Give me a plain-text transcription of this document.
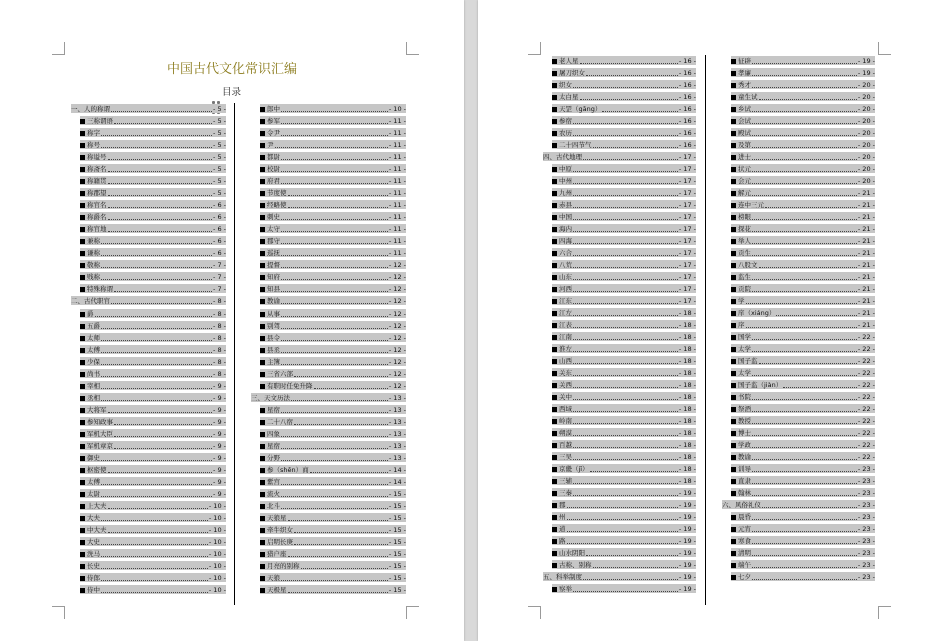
中国古代文化常识汇编
目录
一、人的称谓	- 5 -
三称谓语	- 5 -
称字	- 5 -
称号	- 5 -
称谥号	- 5 -
称斋名	- 5 -
称籍贯	- 5 -
称郡望	- 5 -
称官名	- 6 -
称爵名	- 6 -
称官地	- 6 -
兼称	- 6 -
谦称	- 6 -
敬称	- 7 -
贱称	- 7 -
特殊称谓	- 7 -
二、古代职官	- 8 -
爵	- 8 -
五爵	- 8 -
太师	- 8 -
太傅	- 8 -
少保	- 8 -
尚书	- 8 -
宰相	- 9 -
丞相	- 9 -
大将军	- 9 -
参知政事	- 9 -
军机大臣	- 9 -
军机章京	- 9 -
御史	- 9 -
枢密使	- 9 -
太傅	- 9 -
太尉	- 9 -
上大夫	- 10 -
大夫	- 10 -
中大夫	- 10 -
大史	- 10 -
洗马	- 10 -
长史	- 10 -
侍郎	- 10 -
侍中	- 10 -
郎中	- 10 -
参军	- 11 -
令尹	- 11 -
尹	- 11 -
都尉	- 11 -
校尉	- 11 -
府君	- 11 -
节度使	- 11 -
经略使	- 11 -
刺史	- 11 -
太守	- 11 -
郡守	- 11 -
巡抚	- 11 -
提督	- 12 -
知府	- 12 -
知县	- 12 -
教谕	- 12 -
从事	- 12 -
别驾	- 12 -
县令	- 12 -
县丞	- 12 -
主簿	- 12 -
三省六部	- 12 -
有职时任免升降	- 12 -
三、天文历法	- 13 -
星宿	- 13 -
二十八宿	- 13 -
四象	- 13 -
星宿	- 13 -
分野	- 13 -
参（shēn）商	- 14 -
紫宫	- 14 -
流火	- 15 -
北斗	- 15 -
天狼星	- 15 -
牵牛织女	- 15 -
启明长庚	- 15 -
猎户座	- 15 -
月亮的别称	- 15 -
天狼	- 15 -
天极星	- 15 -
老人星	- 16 -
屠刀织女	- 16 -
织女	- 16 -
太白星	- 16 -
天罡（gāng）	- 16 -
参宿	- 16 -
农历	- 16 -
二十四节气	- 16 -
四、古代地理	- 17 -
中原	- 17 -
中州	- 17 -
九州	- 17 -
赤县	- 17 -
中国	- 17 -
海内	- 17 -
四海	- 17 -
六合	- 17 -
八荒	- 17 -
山东	- 17 -
河西	- 17 -
江东	- 17 -
江左	- 18 -
江表	- 18 -
江南	- 18 -
淮左	- 18 -
山西	- 18 -
关东	- 18 -
关西	- 18 -
关中	- 18 -
西域	- 18 -
岭南	- 18 -
朔漠	- 18 -
百越	- 18 -
三吴	- 18 -
京畿（jī）	- 18 -
三辅	- 18 -
三秦	- 19 -
郡	- 19 -
州	- 19 -
道	- 19 -
路	- 19 -
山水阴阳	- 19 -
古称、别称	- 19 -
五、科举制度	- 19 -
察举	- 19 -
征辟	- 19 -
孝廉	- 19 -
秀才	- 20 -
童生试	- 20 -
乡试	- 20 -
会试	- 20 -
殿试	- 20 -
及第	- 20 -
进士	- 20 -
状元	- 20 -
会元	- 20 -
解元	- 21 -
连中三元	- 21 -
榜眼	- 21 -
探花	- 21 -
举人	- 21 -
贡生	- 21 -
八股文	- 21 -
监生	- 21 -
贡院	- 21 -
学	- 21 -
庠（xiáng）	- 21 -
序	- 21 -
国学	- 22 -
太学	- 22 -
国子监	- 22 -
太学	- 22 -
国子监（jiàn）	- 22 -
书院	- 22 -
祭酒	- 22 -
教授	- 22 -
博士	- 22 -
学政	- 22 -
教谕	- 22 -
训导	- 23 -
直隶	- 23 -
翰林	- 23 -
六、风俗礼仪	- 23 -
晨昏	- 23 -
元宵	- 23 -
寒食	- 23 -
清明	- 23 -
端午	- 23 -
七夕	- 23 -
